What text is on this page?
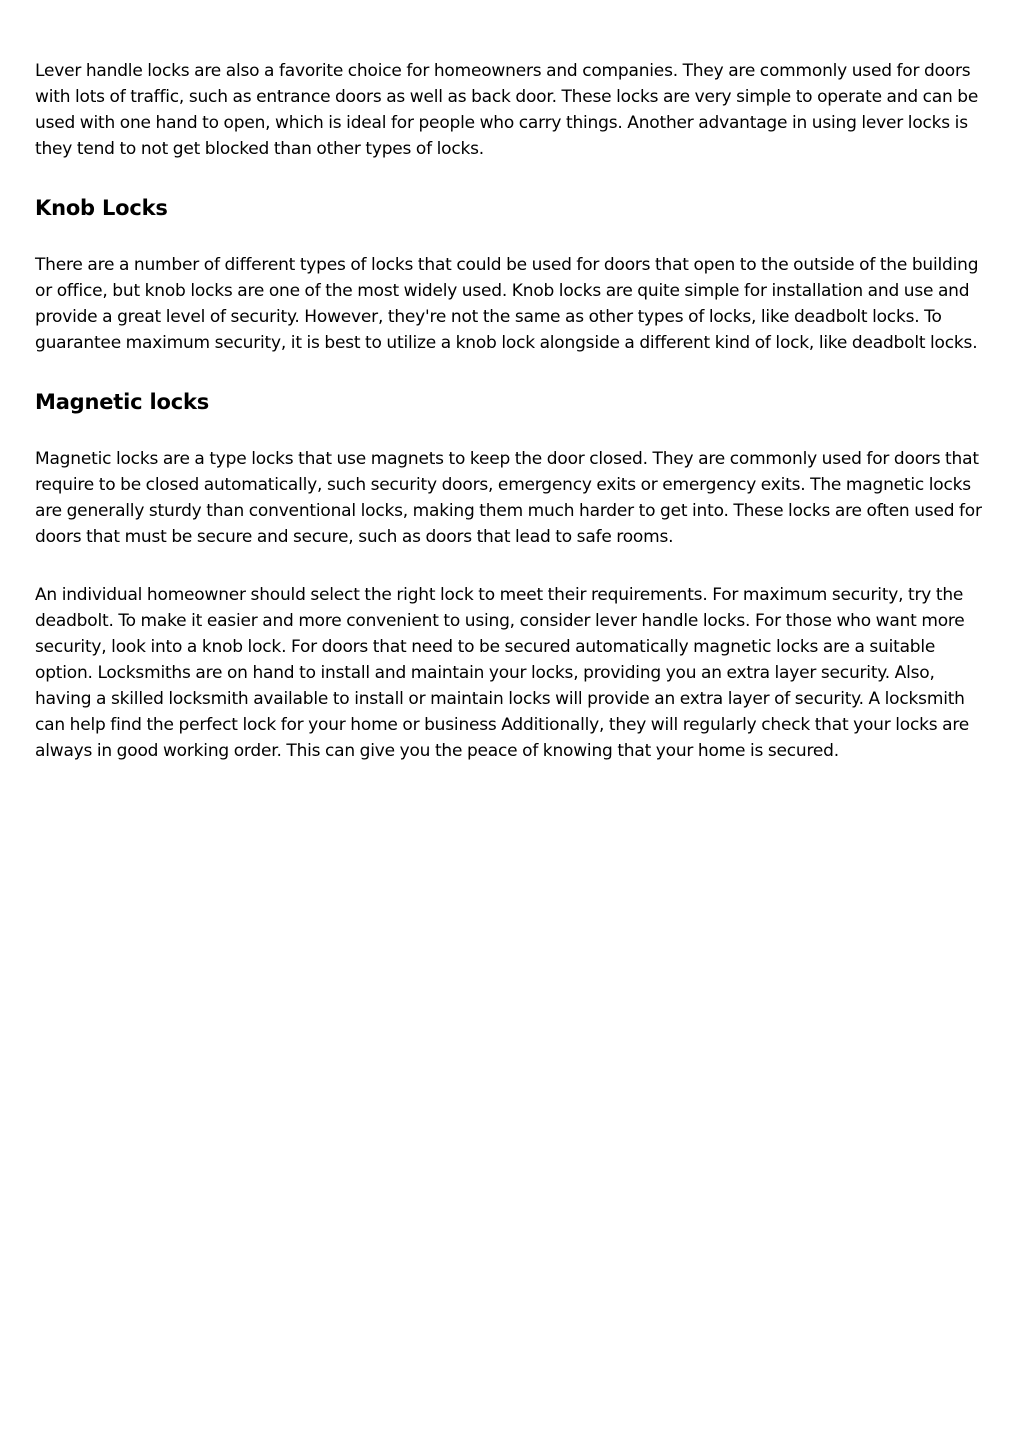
Lever handle locks are also a favorite choice for homeowners and companies. They are commonly used for doors with lots of traffic, such as entrance doors as well as back door. These locks are very simple to operate and can be used with one hand to open, which is ideal for people who carry things. Another advantage in using lever locks is they tend to not get blocked than other types of locks.

Knob Locks

There are a number of different types of locks that could be used for doors that open to the outside of the building or office, but knob locks are one of the most widely used. Knob locks are quite simple for installation and use and provide a great level of security. However, they're not the same as other types of locks, like deadbolt locks. To guarantee maximum security, it is best to utilize a knob lock alongside a different kind of lock, like deadbolt locks.

Magnetic locks

Magnetic locks are a type locks that use magnets to keep the door closed. They are commonly used for doors that require to be closed automatically, such security doors, emergency exits or emergency exits. The magnetic locks are generally sturdy than conventional locks, making them much harder to get into. These locks are often used for doors that must be secure and secure, such as doors that lead to safe rooms.

An individual homeowner should select the right lock to meet their requirements. For maximum security, try the deadbolt. To make it easier and more convenient to using, consider lever handle locks. For those who want more security, look into a knob lock. For doors that need to be secured automatically magnetic locks are a suitable option. Locksmiths are on hand to install and maintain your locks, providing you an extra layer security. Also, having a skilled locksmith available to install or maintain locks will provide an extra layer of security. A locksmith can help find the perfect lock for your home or business Additionally, they will regularly check that your locks are always in good working order. This can give you the peace of knowing that your home is secured.
